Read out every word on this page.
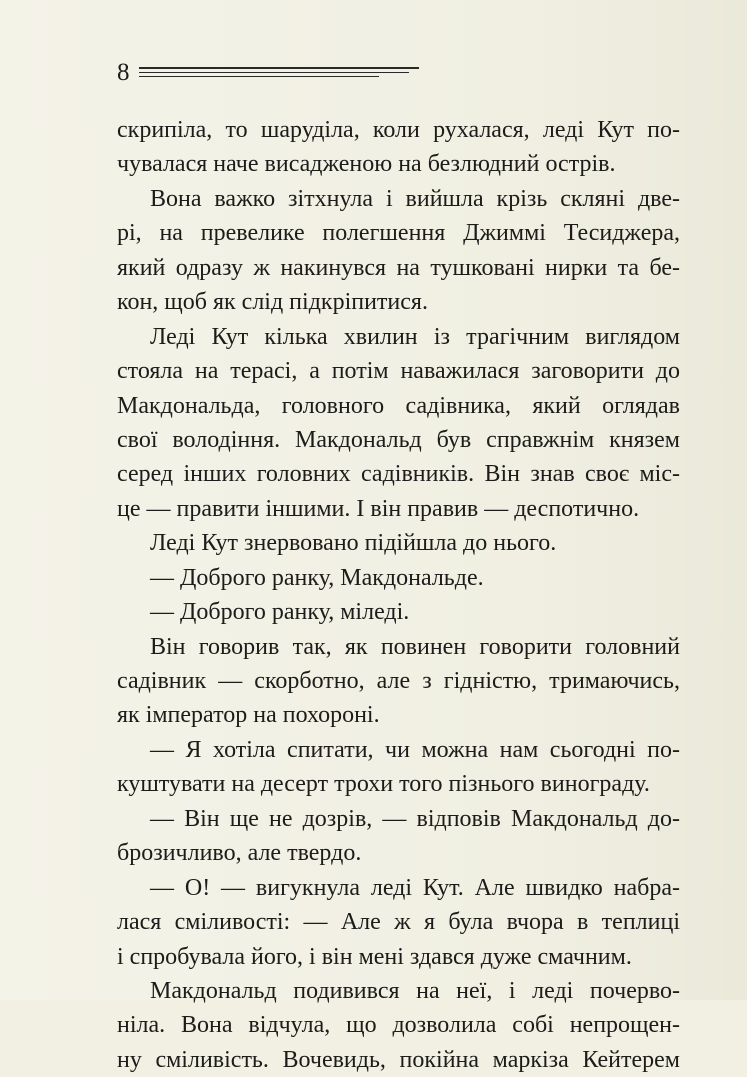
8
скрипіла, то шаруділа, коли рухалася, леді Кут по-
чувалася наче висадженою на безлюдний острів.
Вона важко зітхнула і вийшла крізь скляні две-
рі, на превелике полегшення Джиммі Тесиджера,
який одразу ж накинувся на тушковані нирки та бе-
кон, щоб як слід підкріпитися.
Леді Кут кілька хвилин із трагічним виглядом
стояла на терасі, а потім наважилася заговорити до
Макдональда, головного садівника, який оглядав
свої володіння. Макдональд був справжнім князем
серед інших головних садівників. Він знав своє міс-
це — правити іншими. І він правив — деспотично.
Леді Кут знервовано підійшла до нього.
— Доброго ранку, Макдональде.
— Доброго ранку, міледі.
Він говорив так, як повинен говорити головний
садівник — скорботно, але з гідністю, тримаючись,
як імператор на похороні.
— Я хотіла спитати, чи можна нам сьогодні по-
куштувати на десерт трохи того пізнього винограду.
— Він ще не дозрів, — відповів Макдональд до-
брозичливо, але твердо.
— О! — вигукнула леді Кут. Але швидко набра-
лася сміливості: — Але ж я була вчора в теплиці
і спробувала його, і він мені здався дуже смачним.
Макдональд подивився на неї, і леді почерво-
ніла. Вона відчула, що дозволила собі непрощен-
ну сміливість. Вочевидь, покійна маркіза Кейтерем
